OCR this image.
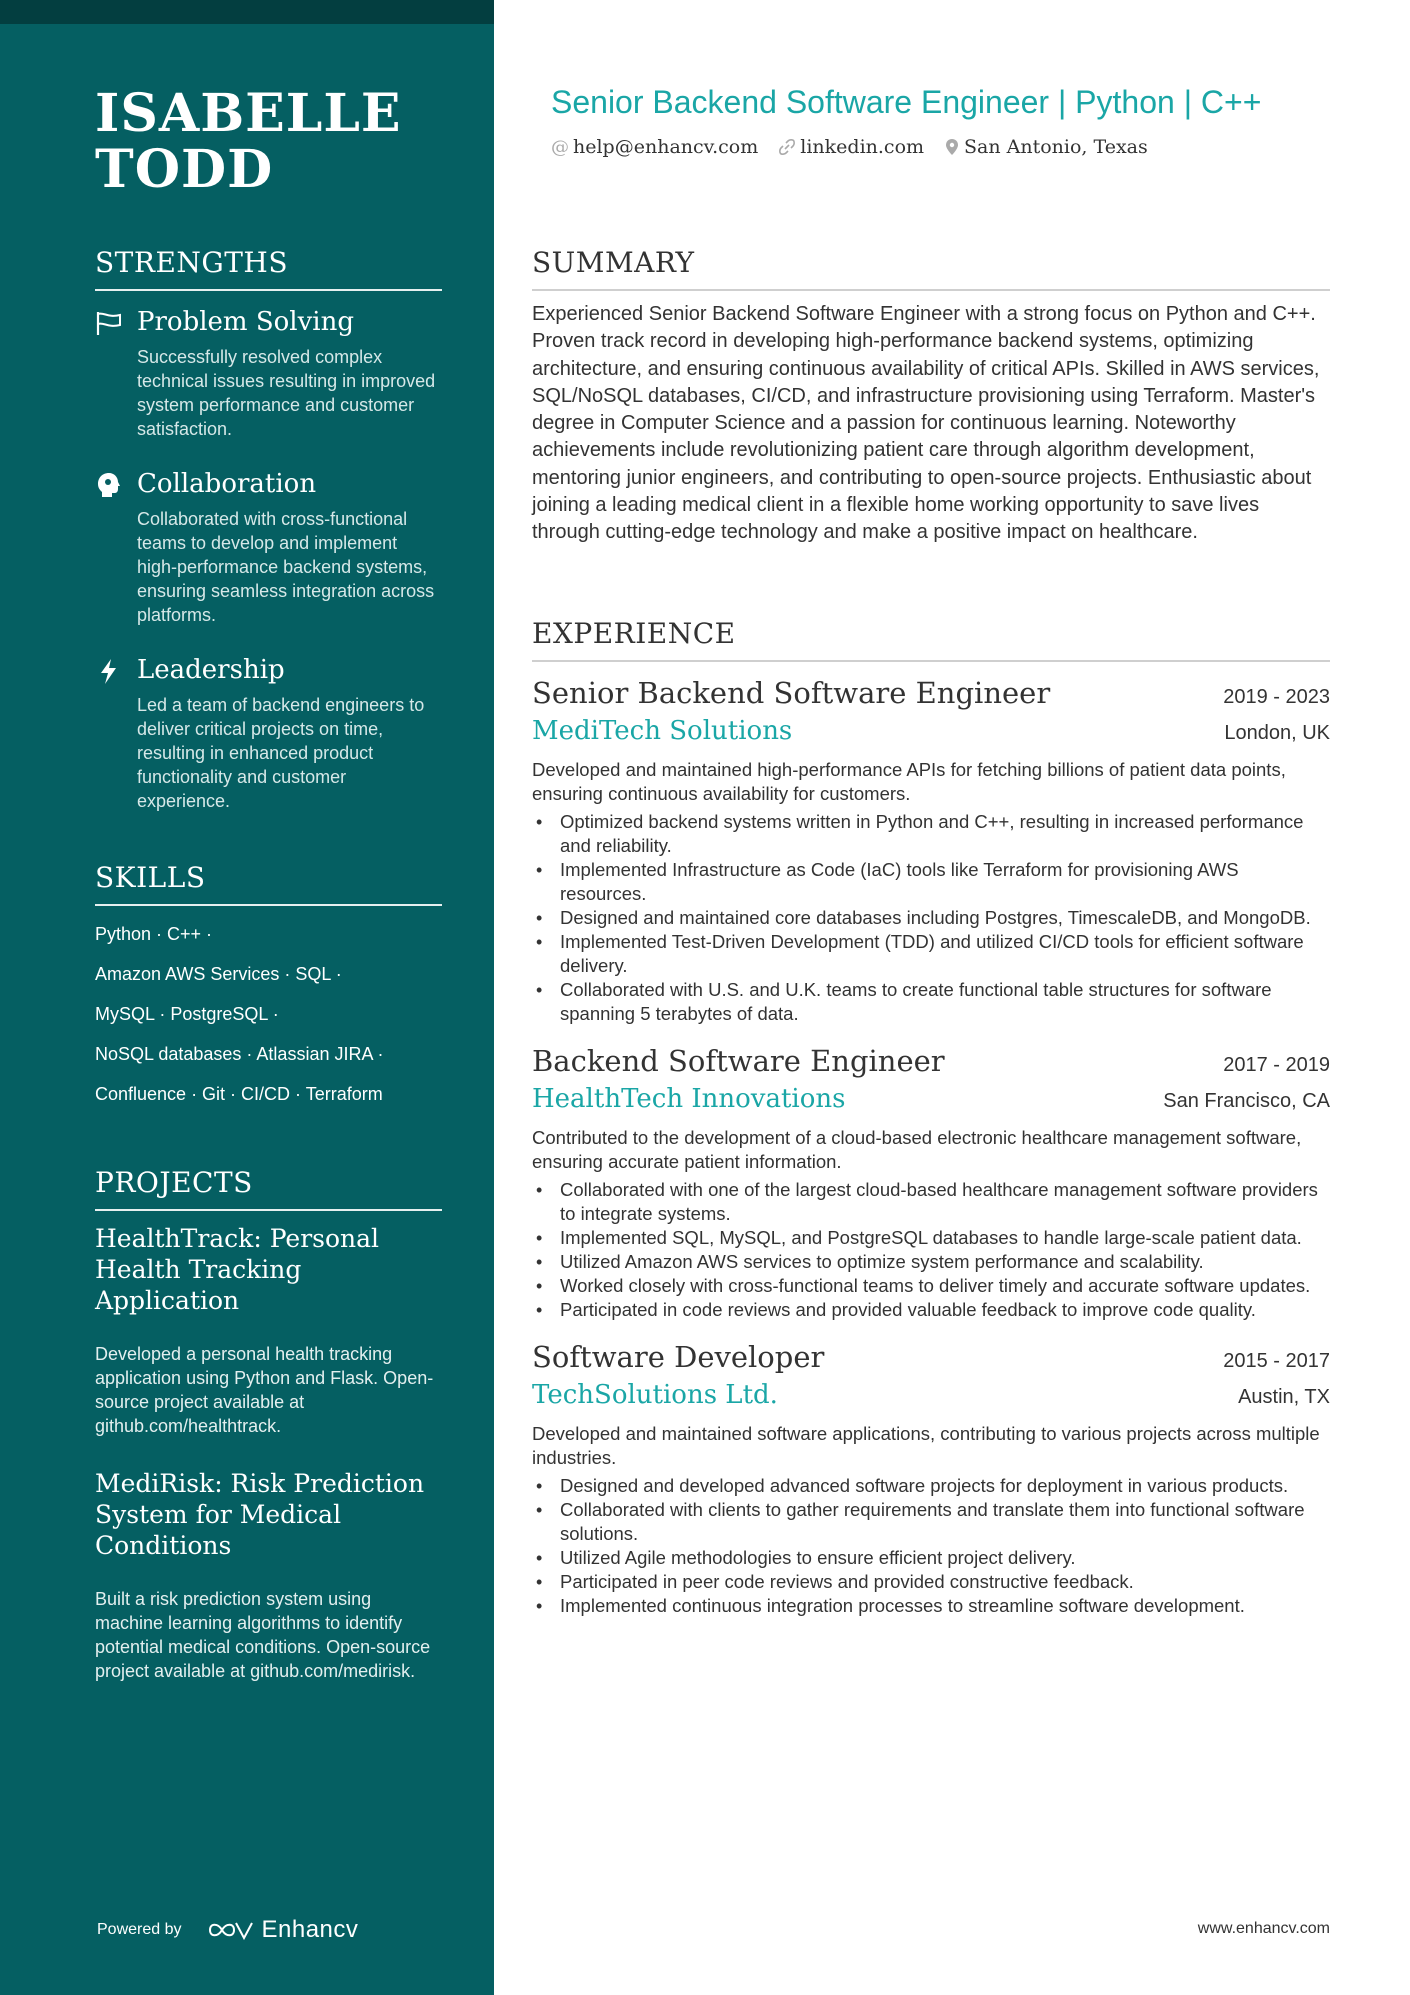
ISABELLE
TODD
STRENGTHS
Problem Solving
Successfully resolved complex technical issues resulting in improved system performance and customer satisfaction.
Collaboration
Collaborated with cross-functional teams to develop and implement high-performance backend systems, ensuring seamless integration across platforms.
Leadership
Led a team of backend engineers to deliver critical projects on time, resulting in enhanced product functionality and customer experience.
SKILLS
Python · C++ ·
Amazon AWS Services · SQL ·
MySQL · PostgreSQL ·
NoSQL databases · Atlassian JIRA ·
Confluence · Git · CI/CD · Terraform
PROJECTS
HealthTrack: Personal Health Tracking Application
Developed a personal health tracking application using Python and Flask. Open-source project available at github.com/healthtrack.
MediRisk: Risk Prediction System for Medical Conditions
Built a risk prediction system using machine learning algorithms to identify potential medical conditions. Open-source project available at github.com/medirisk.
Powered by	Enhancv
Senior Backend Software Engineer | Python | C++
@ help@enhancv.com linkedin.com San Antonio, Texas
SUMMARY
Experienced Senior Backend Software Engineer with a strong focus on Python and C++. Proven track record in developing high-performance backend systems, optimizing architecture, and ensuring continuous availability of critical APIs. Skilled in AWS services, SQL/NoSQL databases, CI/CD, and infrastructure provisioning using Terraform. Master's degree in Computer Science and a passion for continuous learning. Noteworthy achievements include revolutionizing patient care through algorithm development, mentoring junior engineers, and contributing to open-source projects. Enthusiastic about joining a leading medical client in a flexible home working opportunity to save lives through cutting-edge technology and make a positive impact on healthcare.
EXPERIENCE
Senior Backend Software Engineer	2019 - 2023
MediTech Solutions	London, UK
Developed and maintained high-performance APIs for fetching billions of patient data points, ensuring continuous availability for customers.
• Optimized backend systems written in Python and C++, resulting in increased performance and reliability.
• Implemented Infrastructure as Code (IaC) tools like Terraform for provisioning AWS resources.
• Designed and maintained core databases including Postgres, TimescaleDB, and MongoDB.
• Implemented Test-Driven Development (TDD) and utilized CI/CD tools for efficient software delivery.
• Collaborated with U.S. and U.K. teams to create functional table structures for software spanning 5 terabytes of data.
Backend Software Engineer	2017 - 2019
HealthTech Innovations	San Francisco, CA
Contributed to the development of a cloud-based electronic healthcare management software, ensuring accurate patient information.
• Collaborated with one of the largest cloud-based healthcare management software providers to integrate systems.
• Implemented SQL, MySQL, and PostgreSQL databases to handle large-scale patient data.
• Utilized Amazon AWS services to optimize system performance and scalability.
• Worked closely with cross-functional teams to deliver timely and accurate software updates.
• Participated in code reviews and provided valuable feedback to improve code quality.
Software Developer	2015 - 2017
TechSolutions Ltd.	Austin, TX
Developed and maintained software applications, contributing to various projects across multiple industries.
• Designed and developed advanced software projects for deployment in various products.
• Collaborated with clients to gather requirements and translate them into functional software solutions.
• Utilized Agile methodologies to ensure efficient project delivery.
• Participated in peer code reviews and provided constructive feedback.
• Implemented continuous integration processes to streamline software development.
www.enhancv.com
